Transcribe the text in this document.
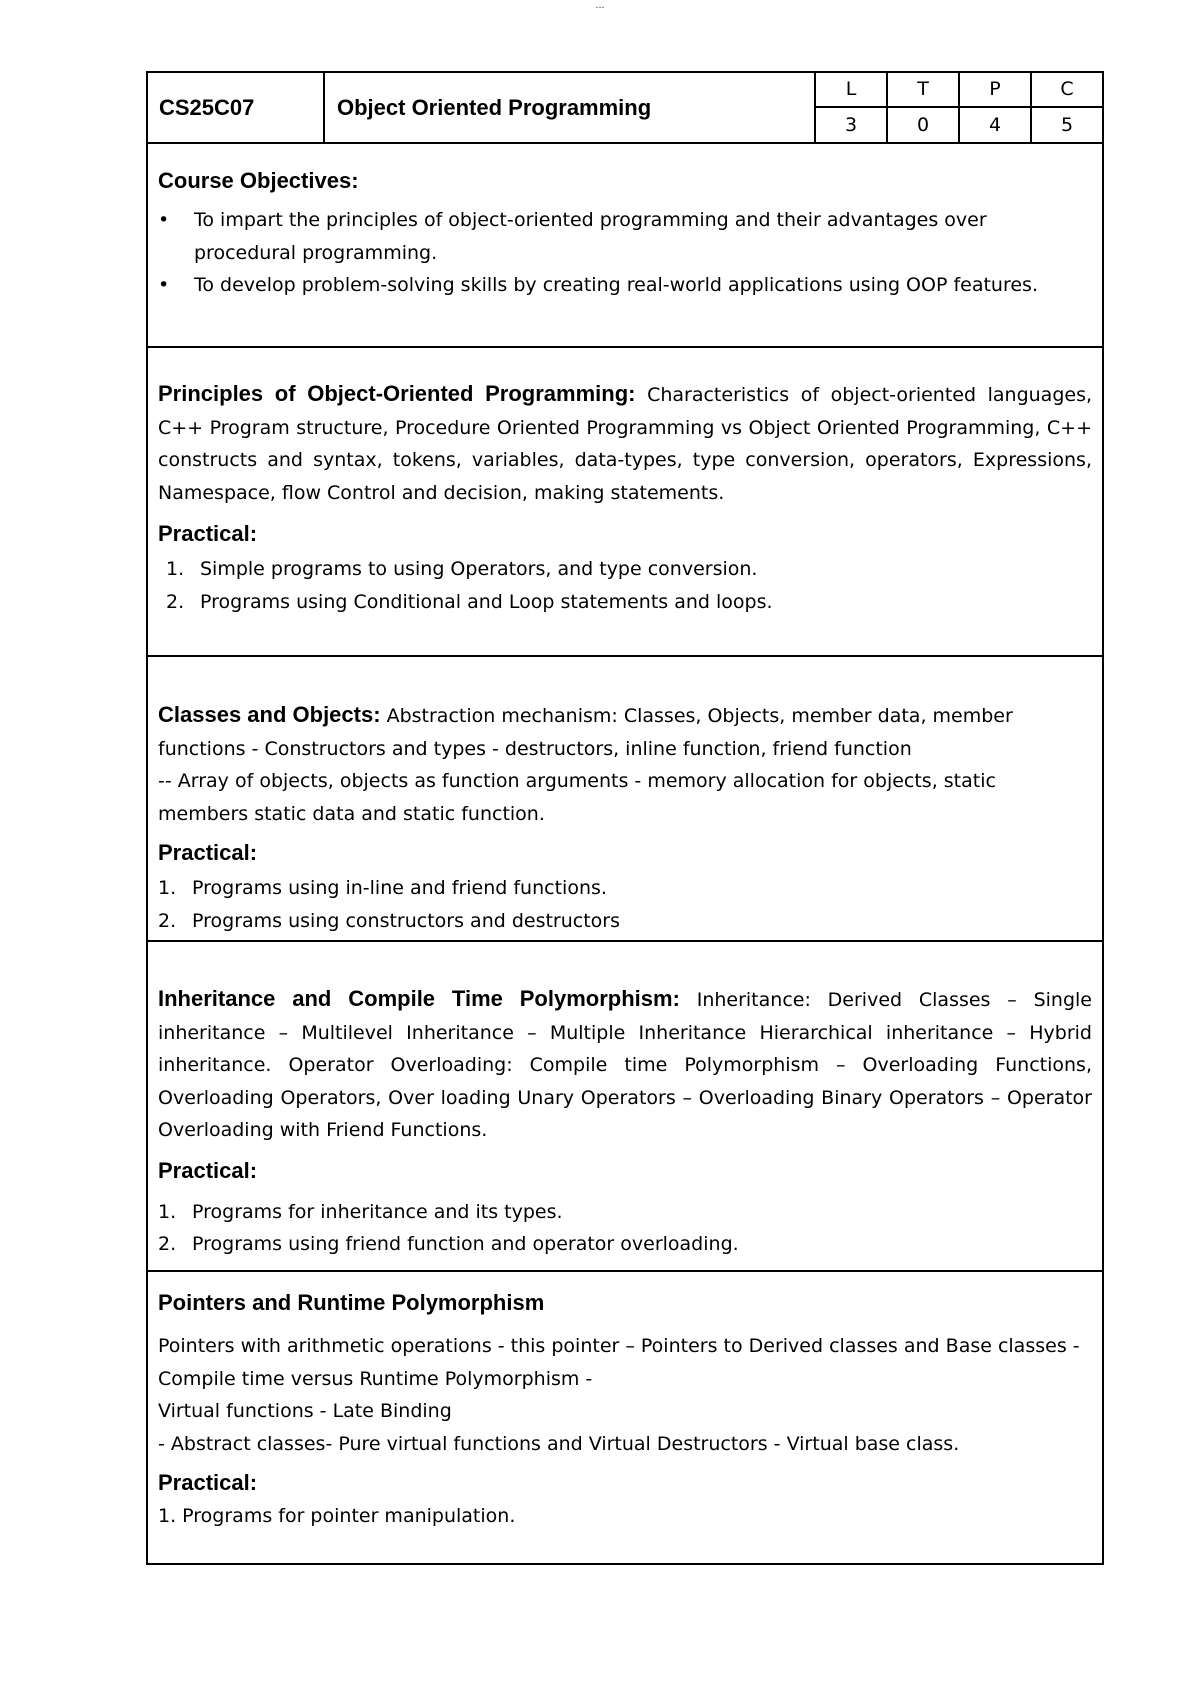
...
CS25C07	Object Oriented Programming
L	T	P	C
3	0	4	5
Course Objectives:
•	To impart the principles of object-oriented programming and their advantages over procedural programming.
•	To develop problem-solving skills by creating real-world applications using OOP features.
Principles of Object-Oriented Programming: Characteristics of object-oriented languages, C++ Program structure, Procedure Oriented Programming vs Object Oriented Programming, C++ constructs and syntax, tokens, variables, data-types, type conversion, operators, Expressions, Namespace, flow Control and decision, making statements.
Practical:
1. Simple programs to using Operators, and type conversion.
2. Programs using Conditional and Loop statements and loops.
Classes and Objects: Abstraction mechanism: Classes, Objects, member data, member functions - Constructors and types - destructors, inline function, friend function
-- Array of objects, objects as function arguments - memory allocation for objects, static members static data and static function.
Practical:
1. Programs using in-line and friend functions.
2. Programs using constructors and destructors
Inheritance and Compile Time Polymorphism: Inheritance: Derived Classes – Single inheritance – Multilevel Inheritance – Multiple Inheritance Hierarchical inheritance – Hybrid inheritance. Operator Overloading: Compile time Polymorphism – Overloading Functions, Overloading Operators, Over loading Unary Operators – Overloading Binary Operators – Operator Overloading with Friend Functions.
Practical:
1. Programs for inheritance and its types.
2. Programs using friend function and operator overloading.
Pointers and Runtime Polymorphism
Pointers with arithmetic operations - this pointer – Pointers to Derived classes and Base classes - Compile time versus Runtime Polymorphism -
Virtual functions - Late Binding
- Abstract classes- Pure virtual functions and Virtual Destructors - Virtual base class.
Practical:
1. Programs for pointer manipulation.
